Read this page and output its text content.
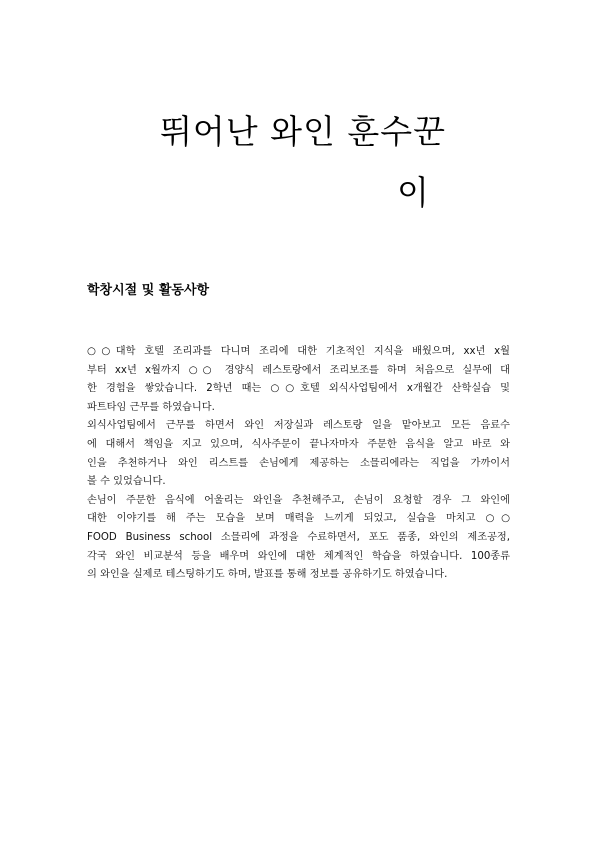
뛰어난 와인 훈수꾼
이
학창시절 및 활동사항
○○대학 호텔 조리과를 다니며 조리에 대한 기초적인 지식을 배웠으며, xx년 x월
부터 xx년 x월까지 ○○ 경양식 레스토랑에서 조리보조를 하며 처음으로 실무에 대
한 경험을 쌓았습니다. 2학년 때는 ○○호텔 외식사업팀에서 x개월간 산학실습 및
파트타임 근무를 하였습니다.
외식사업팀에서 근무를 하면서 와인 저장실과 레스토랑 일을 맡아보고 모든 음료수
에 대해서 책임을 지고 있으며, 식사주문이 끝나자마자 주문한 음식을 알고 바로 와
인을 추천하거나 와인 리스트를 손님에게 제공하는 소믈리에라는 직업을 가까이서
볼 수 있었습니다.
손님이 주문한 음식에 어울리는 와인을 추천해주고, 손님이 요청할 경우 그 와인에
대한 이야기를 해 주는 모습을 보며 매력을 느끼게 되었고, 실습을 마치고 ○○
FOOD Business school 소믈리에 과정을 수료하면서, 포도 품종, 와인의 제조공정,
각국 와인 비교분석 등을 배우며 와인에 대한 체계적인 학습을 하였습니다. 100종류
의 와인을 실제로 테스팅하기도 하며, 발표를 통해 정보를 공유하기도 하였습니다.
